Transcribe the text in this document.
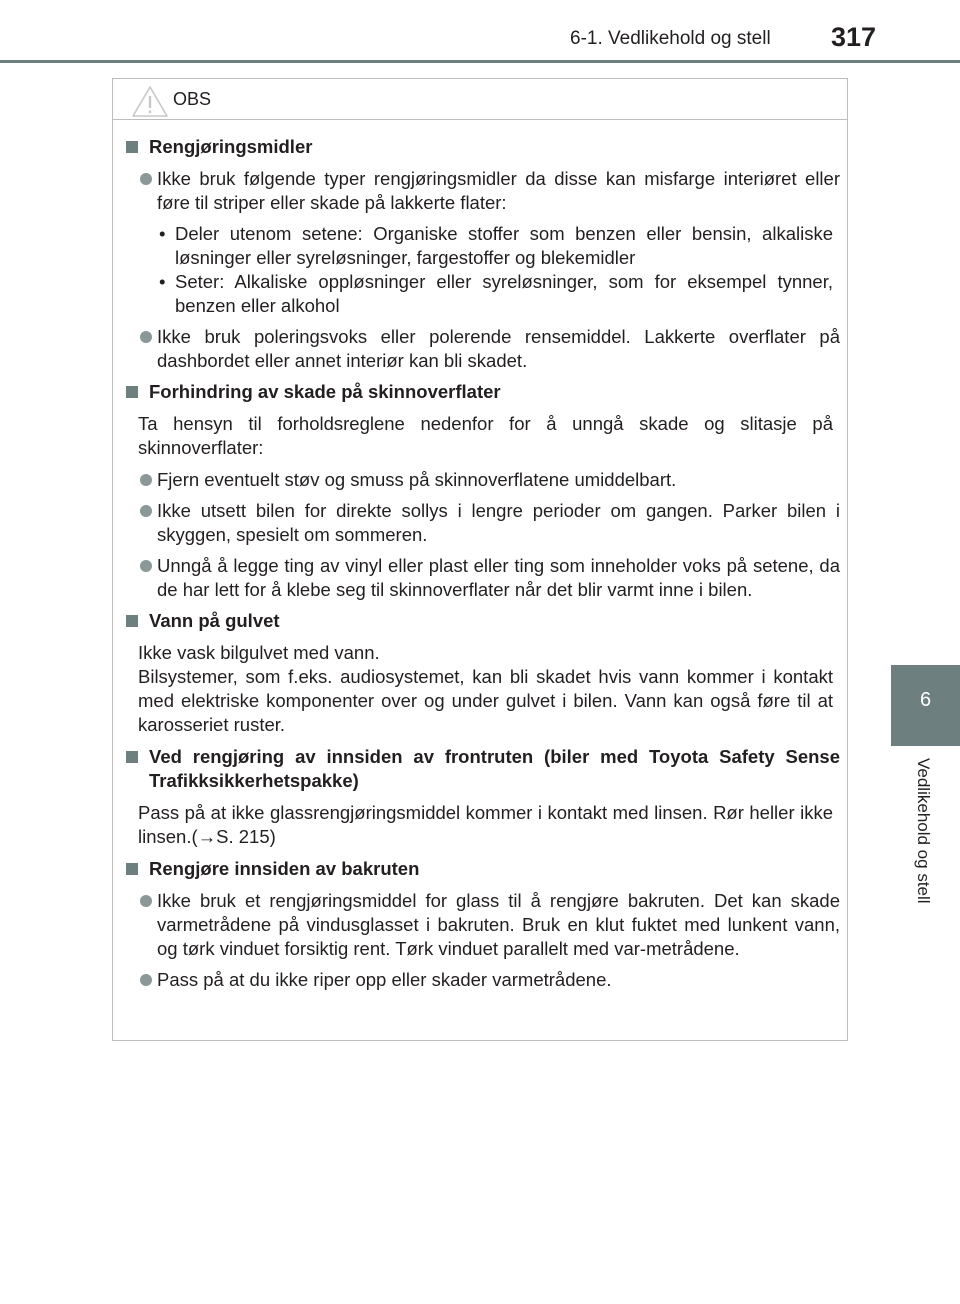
6-1. Vedlikehold og stell 317
6
Vedlikehold og stell
OBS
Rengjøringsmidler
Ikke bruk følgende typer rengjøringsmidler da disse kan misfarge interiøret eller føre til striper eller skade på lakkerte flater:
• Deler utenom setene: Organiske stoffer som benzen eller bensin, alkaliske løsninger eller syreløsninger, fargestoffer og blekemidler
• Seter: Alkaliske oppløsninger eller syreløsninger, som for eksempel tynner, benzen eller alkohol
Ikke bruk poleringsvoks eller polerende rensemiddel. Lakkerte overflater på dashbordet eller annet interiør kan bli skadet.
Forhindring av skade på skinnoverflater
Ta hensyn til forholdsreglene nedenfor for å unngå skade og slitasje på skinnoverflater:
Fjern eventuelt støv og smuss på skinnoverflatene umiddelbart.
Ikke utsett bilen for direkte sollys i lengre perioder om gangen. Parker bilen i skyggen, spesielt om sommeren.
Unngå å legge ting av vinyl eller plast eller ting som inneholder voks på setene, da de har lett for å klebe seg til skinnoverflater når det blir varmt inne i bilen.
Vann på gulvet
Ikke vask bilgulvet med vann.
Bilsystemer, som f.eks. audiosystemet, kan bli skadet hvis vann kommer i kontakt med elektriske komponenter over og under gulvet i bilen. Vann kan også føre til at karosseriet ruster.
Ved rengjøring av innsiden av frontruten (biler med Toyota Safety Sense Trafikksikkerhetspakke)
Pass på at ikke glassrengjøringsmiddel kommer i kontakt med linsen. Rør heller ikke linsen.(→S. 215)
Rengjøre innsiden av bakruten
Ikke bruk et rengjøringsmiddel for glass til å rengjøre bakruten. Det kan skade varmetrådene på vindusglasset i bakruten. Bruk en klut fuktet med lunkent vann, og tørk vinduet forsiktig rent. Tørk vinduet parallelt med var-metrådene.
Pass på at du ikke riper opp eller skader varmetrådene.
